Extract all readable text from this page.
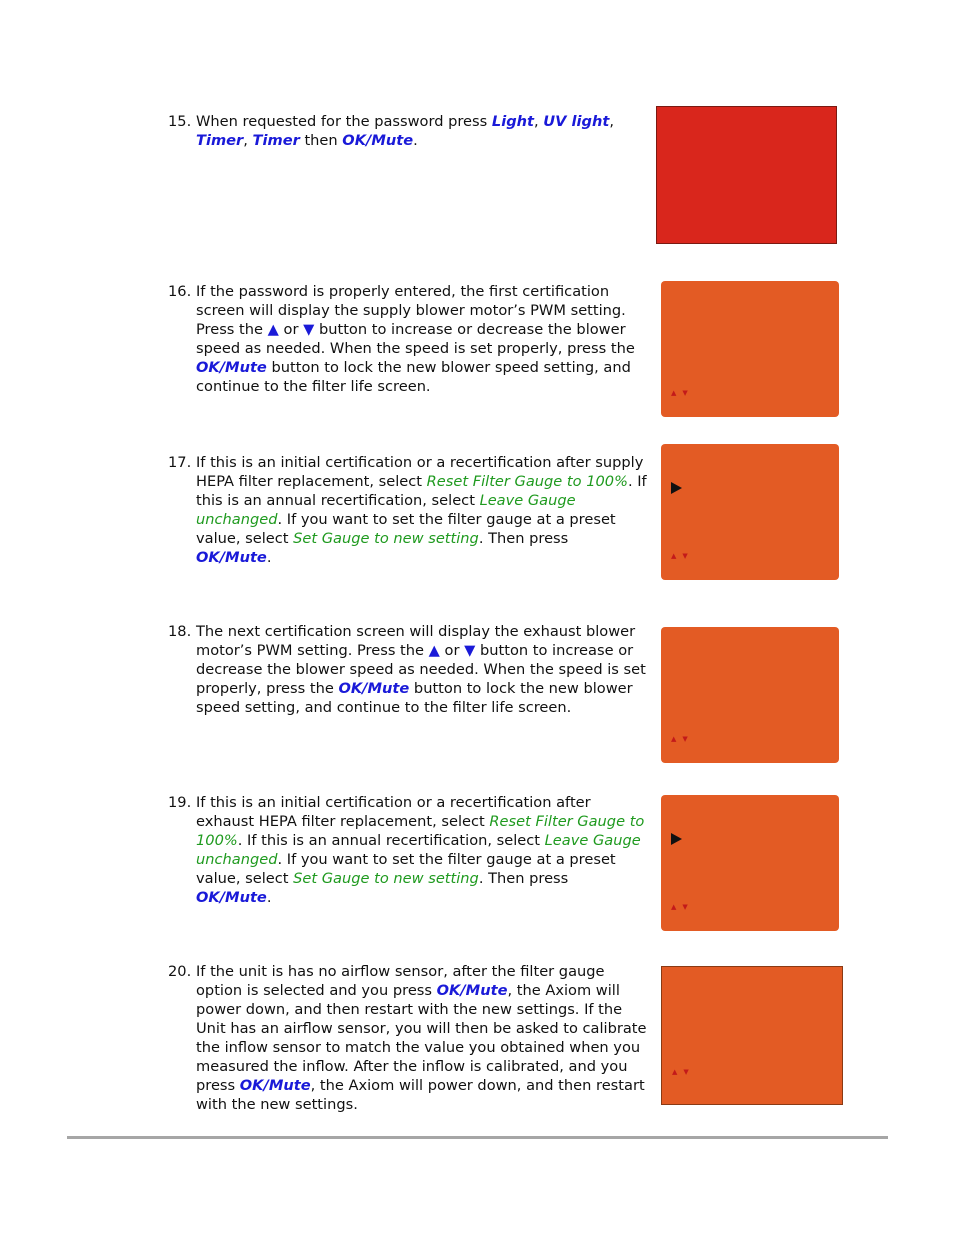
15. When requested for the password press Light, UV light, Timer, Timer then OK/Mute.
16. If the password is properly entered, the first certification screen will display the supply blower motor’s PWM setting. Press the ▲ or ▼ button to increase or decrease the blower speed as needed. When the speed is set properly, press the OK/Mute button to lock the new blower speed setting, and continue to the filter life screen.
17. If this is an initial certification or a recertification after supply HEPA filter replacement, select Reset Filter Gauge to 100%. If this is an annual recertification, select Leave Gauge unchanged. If you want to set the filter gauge at a preset value, select Set Gauge to new setting. Then press OK/Mute.
18. The next certification screen will display the exhaust blower motor’s PWM setting. Press the ▲ or ▼ button to increase or decrease the blower speed as needed. When the speed is set properly, press the OK/Mute button to lock the new blower speed setting, and continue to the filter life screen.
19. If this is an initial certification or a recertification after exhaust HEPA filter replacement, select Reset Filter Gauge to 100%. If this is an annual recertification, select Leave Gauge unchanged. If you want to set the filter gauge at a preset value, select Set Gauge to new setting. Then press OK/Mute.
20. If the unit is has no airflow sensor, after the filter gauge option is selected and you press OK/Mute, the Axiom will power down, and then restart with the new settings. If the Unit has an airflow sensor, you will then be asked to calibrate the inflow sensor to match the value you obtained when you measured the inflow. After the inflow is calibrated, and you press OK/Mute, the Axiom will power down, and then restart with the new settings.
▲▼
▲▼
▲▼
▲▼
▲▼
